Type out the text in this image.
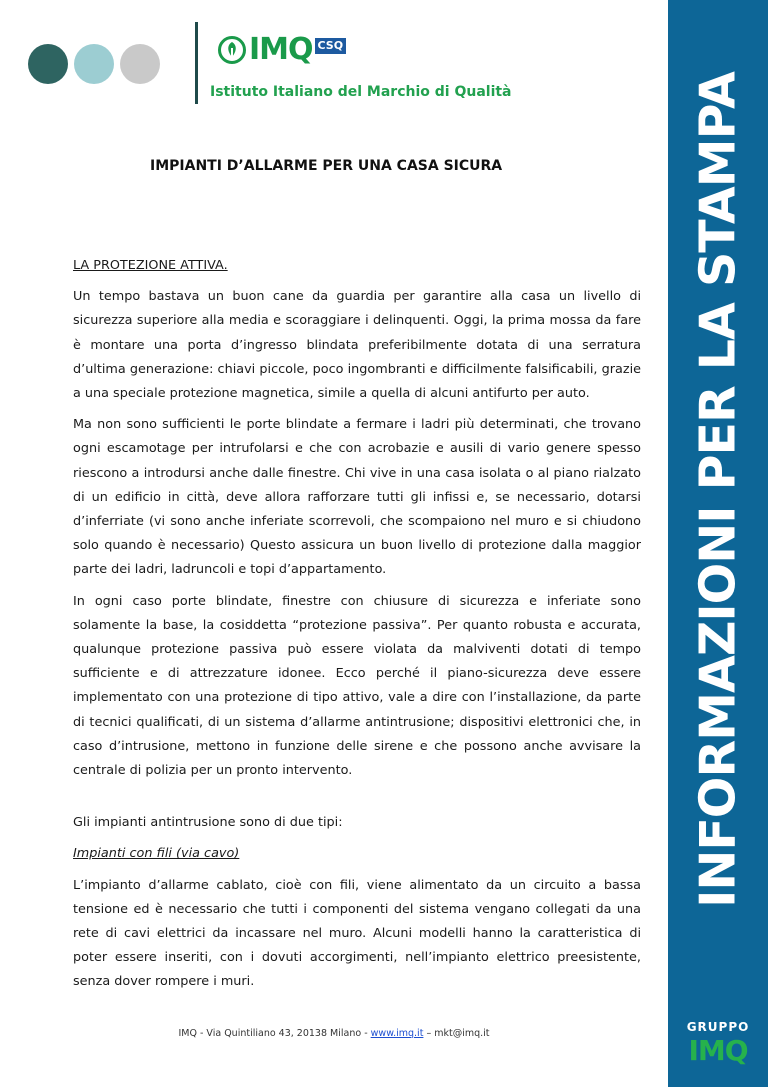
IMQ CSQ
Istituto Italiano del Marchio di Qualità	INFORMAZIONI PER LA STAMPA
GRUPPO
IMQ
IMPIANTI D’ALLARME PER UNA CASA SICURA

LA PROTEZIONE ATTIVA.

Un tempo bastava un buon cane da guardia per garantire alla casa un livello di sicurezza superiore alla media e scoraggiare i delinquenti. Oggi, la prima mossa da fare è montare una porta d’ingresso blindata preferibilmente dotata di una serratura d’ultima generazione: chiavi piccole, poco ingombranti e difficilmente falsificabili, grazie a una speciale protezione magnetica, simile a quella di alcuni antifurto per auto.

Ma non sono sufficienti le porte blindate a fermare i ladri più determinati, che trovano ogni escamotage per intrufolarsi e che con acrobazie e ausili di vario genere spesso riescono a introdursi anche dalle finestre. Chi vive in una casa isolata o al piano rialzato di un edificio in città, deve allora rafforzare tutti gli infissi e, se necessario, dotarsi d’inferriate (vi sono anche inferiate scorrevoli, che scompaiono nel muro e si chiudono solo quando è necessario) Questo assicura un buon livello di protezione dalla maggior parte dei ladri, ladruncoli e topi d’appartamento.

In ogni caso porte blindate, finestre con chiusure di sicurezza e inferiate sono solamente la base, la cosiddetta “protezione passiva”. Per quanto robusta e accurata, qualunque protezione passiva può essere violata da malviventi dotati di tempo sufficiente e di attrezzature idonee. Ecco perché il piano-sicurezza deve essere implementato con una protezione di tipo attivo, vale a dire con l’installazione, da parte di tecnici qualificati, di un sistema d’allarme antintrusione; dispositivi elettronici che, in caso d’intrusione, mettono in funzione delle sirene e che possono anche avvisare la centrale di polizia per un pronto intervento.

Gli impianti antintrusione sono di due tipi:

Impianti con fili (via cavo)

L’impianto d’allarme cablato, cioè con fili, viene alimentato da un circuito a bassa tensione ed è necessario che tutti i componenti del sistema vengano collegati da una rete di cavi elettrici da incassare nel muro. Alcuni modelli hanno la caratteristica di poter essere inseriti, con i dovuti accorgimenti, nell’impianto elettrico preesistente, senza dover rompere i muri.

IMQ - Via Quintiliano 43, 20138 Milano - www.imq.it – mkt@imq.it
